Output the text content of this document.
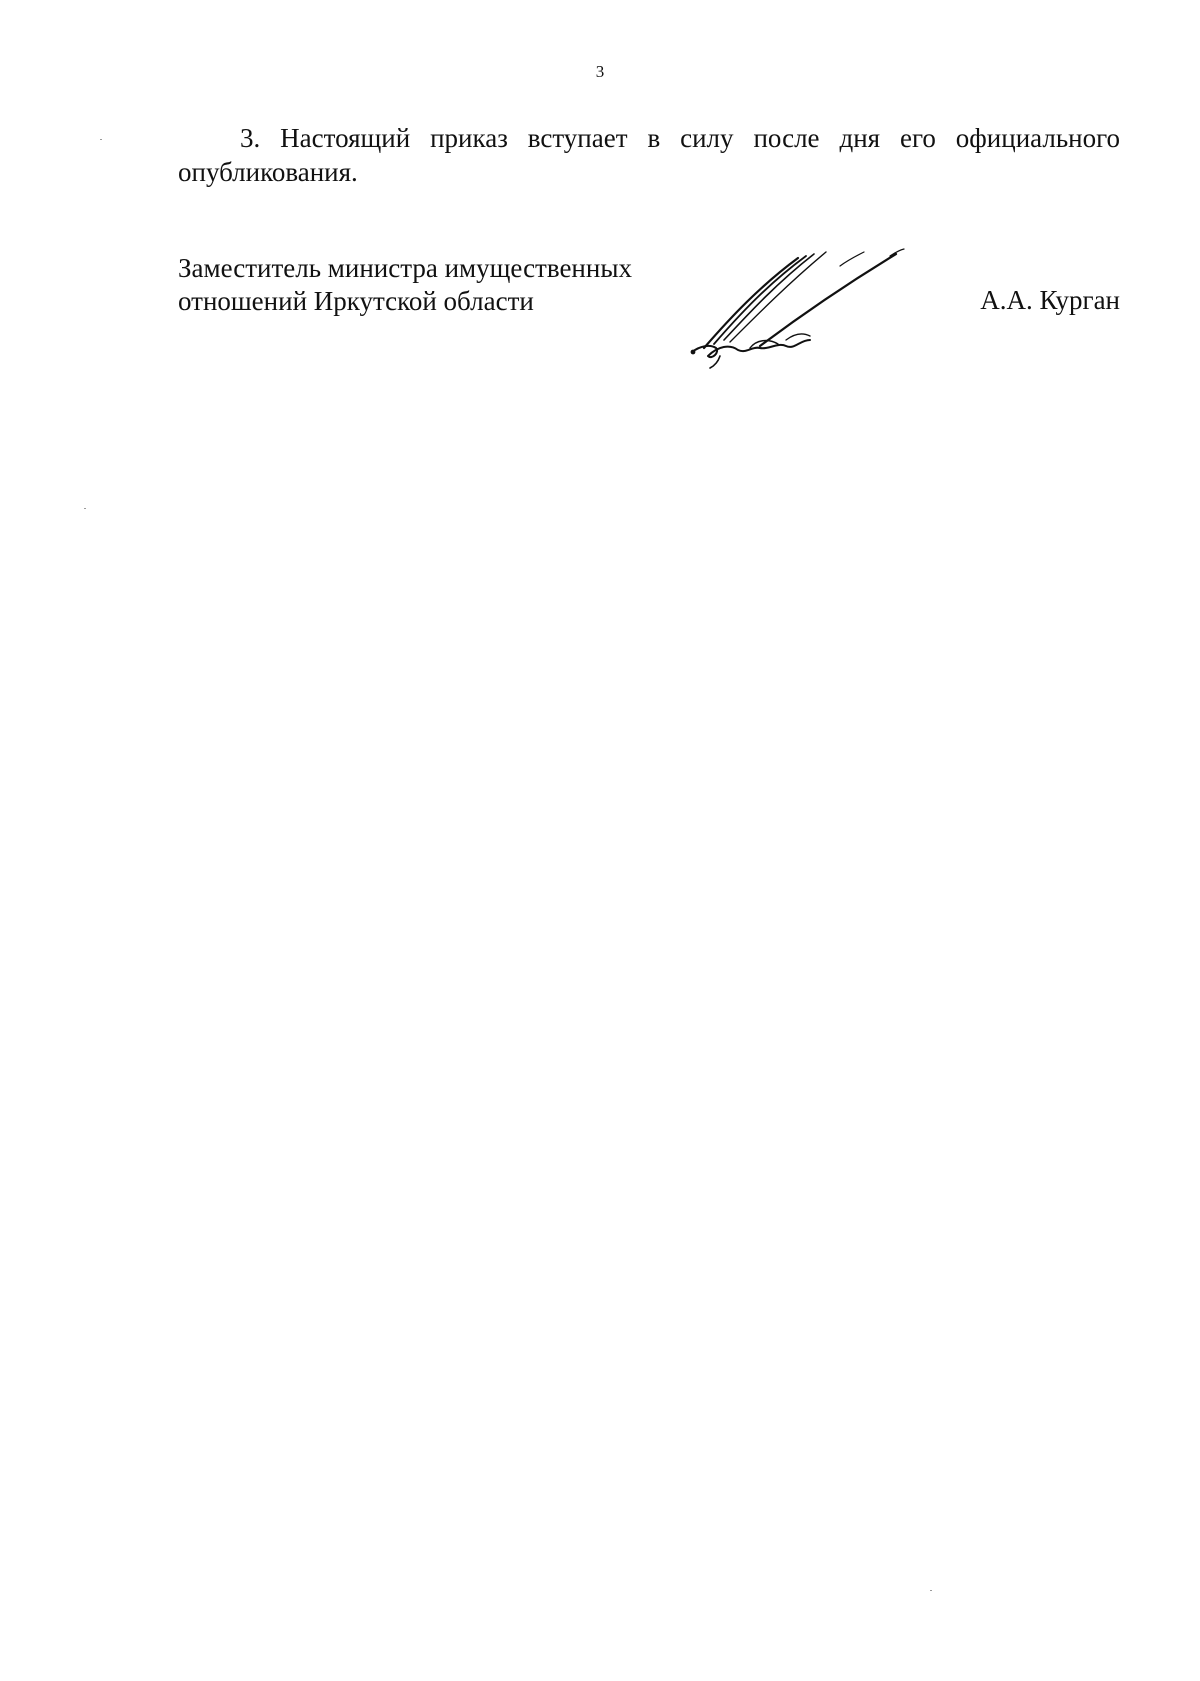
3

3. Настоящий приказ вступает в силу после дня его официального опубликования.

Заместитель министра имущественных
отношений Иркутской области	А.А. Курган
